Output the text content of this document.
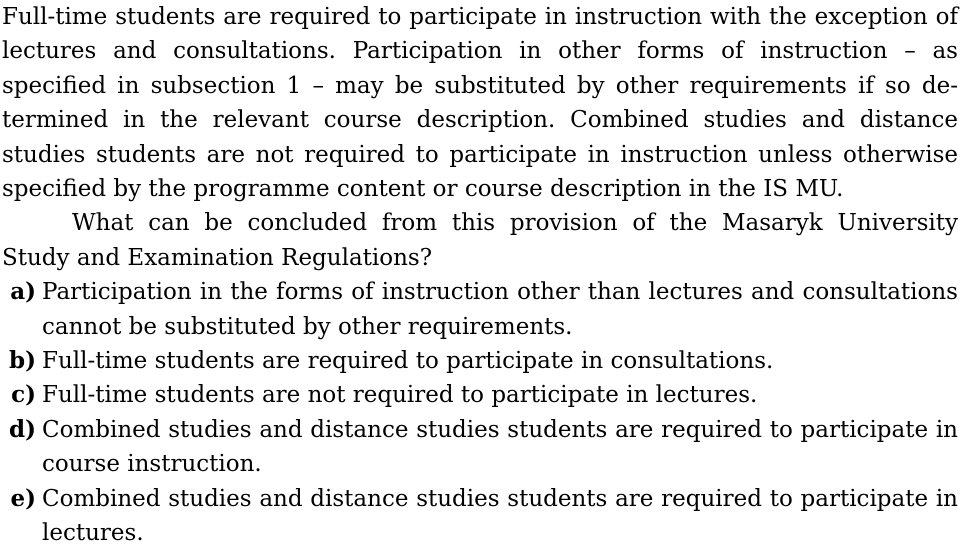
Full-time students are required to participate in instruction with the exception of lectures and consultations. Participation in other forms of instruction – as specified in subsection 1 – may be substituted by other requirements if so determined in the relevant course description. Combined studies and distance studies students are not required to participate in instruction unless otherwise specified by the programme content or course description in the IS MU.

What can be concluded from this provision of the Masaryk University Study and Examination Regulations?

a) Participation in the forms of instruction other than lectures and consultations cannot be substituted by other requirements.
b) Full-time students are required to participate in consultations.
c) Full-time students are not required to participate in lectures.
d) Combined studies and distance studies students are required to participate in course instruction.
e) Combined studies and distance studies students are required to participate in lectures.
